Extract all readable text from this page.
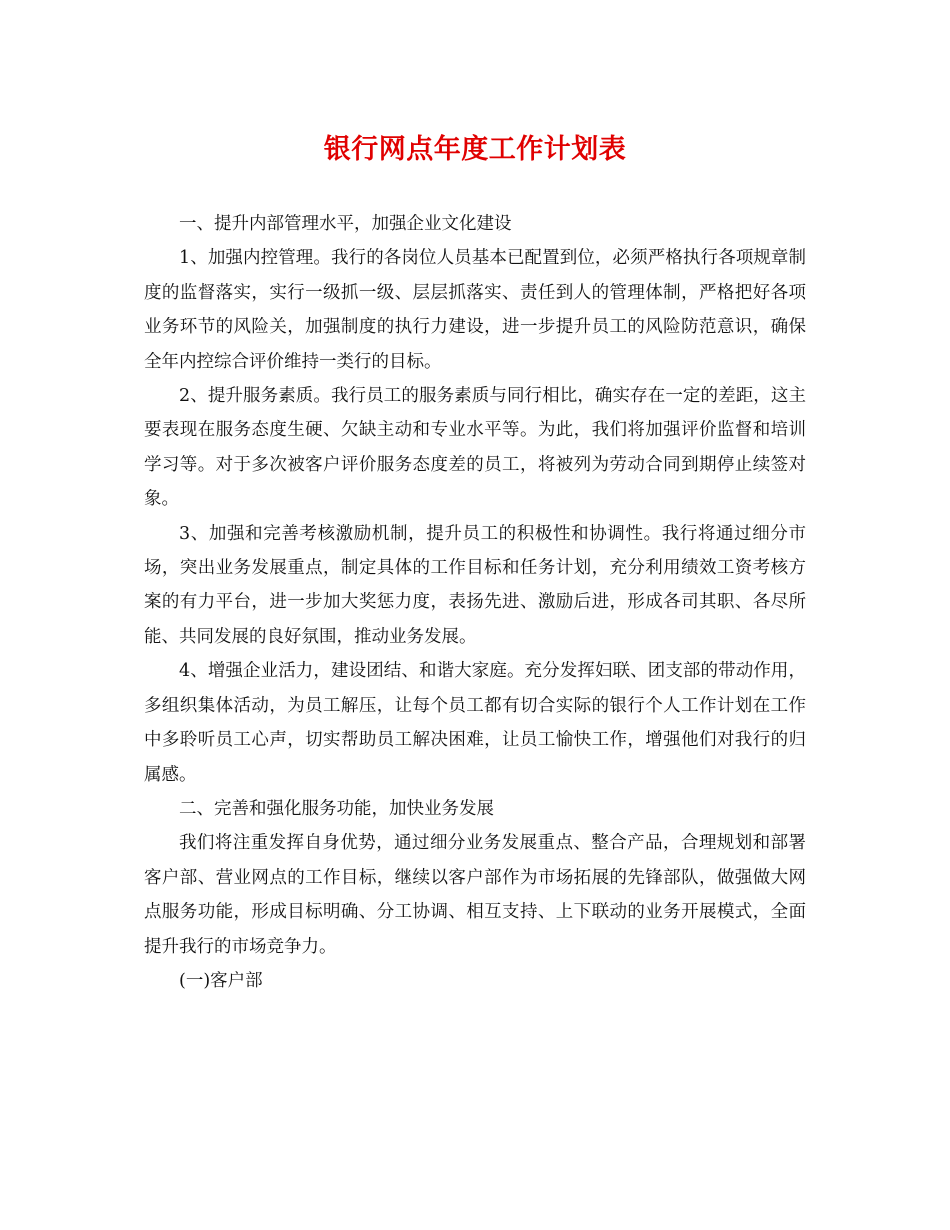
银行网点年度工作计划表

一、提升内部管理水平，加强企业文化建设

1、加强内控管理。我行的各岗位人员基本已配置到位，必须严格执行各项规章制度的监督落实，实行一级抓一级、层层抓落实、责任到人的管理体制，严格把好各项业务环节的风险关，加强制度的执行力建设，进一步提升员工的风险防范意识，确保全年内控综合评价维持一类行的目标。

2、提升服务素质。我行员工的服务素质与同行相比，确实存在一定的差距，这主要表现在服务态度生硬、欠缺主动和专业水平等。为此，我们将加强评价监督和培训学习等。对于多次被客户评价服务态度差的员工，将被列为劳动合同到期停止续签对象。

3、加强和完善考核激励机制，提升员工的积极性和协调性。我行将通过细分市场，突出业务发展重点，制定具体的工作目标和任务计划，充分利用绩效工资考核方案的有力平台，进一步加大奖惩力度，表扬先进、激励后进，形成各司其职、各尽所能、共同发展的良好氛围，推动业务发展。

4、增强企业活力，建设团结、和谐大家庭。充分发挥妇联、团支部的带动作用，多组织集体活动，为员工解压，让每个员工都有切合实际的银行个人工作计划在工作中多聆听员工心声，切实帮助员工解决困难，让员工愉快工作，增强他们对我行的归属感。

二、完善和强化服务功能，加快业务发展

我们将注重发挥自身优势，通过细分业务发展重点、整合产品，合理规划和部署客户部、营业网点的工作目标，继续以客户部作为市场拓展的先锋部队，做强做大网点服务功能，形成目标明确、分工协调、相互支持、上下联动的业务开展模式，全面提升我行的市场竞争力。

(一)客户部
